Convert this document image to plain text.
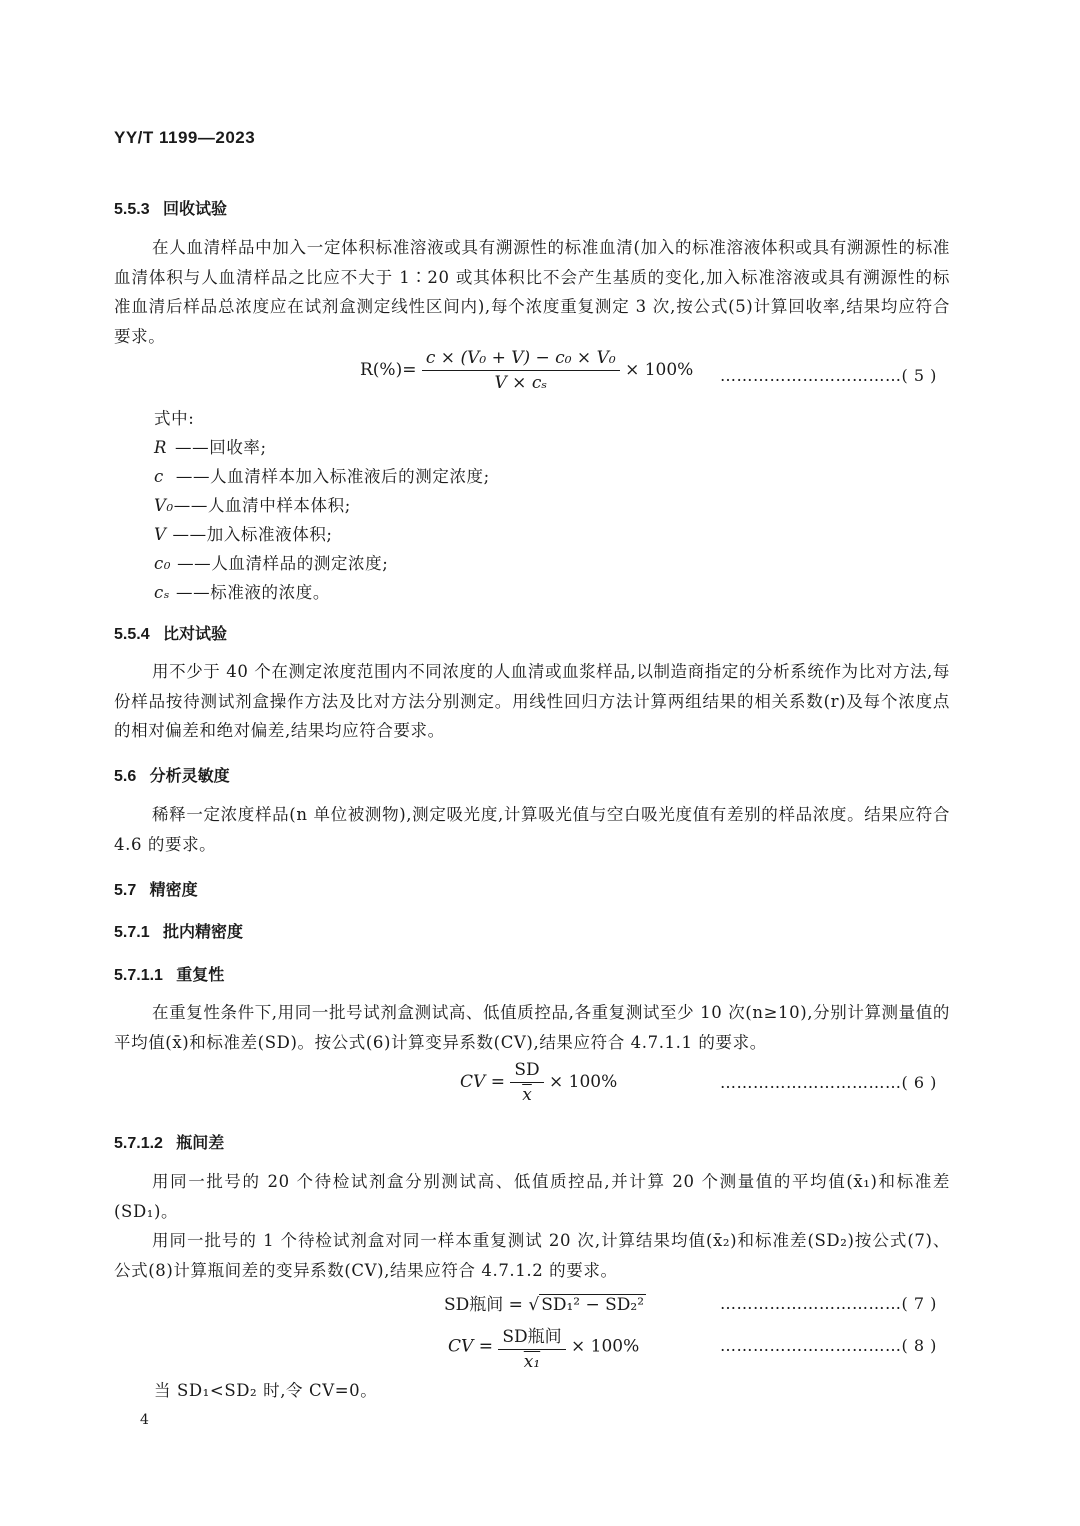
YY/T 1199—2023
5.5.3 回收试验
在人血清样品中加入一定体积标准溶液或具有溯源性的标准血清(加入的标准溶液体积或具有溯源性的标准血清体积与人血清样品之比应不大于 1∶20 或其体积比不会产生基质的变化,加入标准溶液或具有溯源性的标准血清后样品总浓度应在试剂盒测定线性区间内),每个浓度重复测定 3 次,按公式(5)计算回收率,结果均应符合要求。
$R(\%)= \frac{\text{c × (V₀ + V) − c₀ × V₀}}{\text{V × cₛ}} \times 100\%$ ……………………………( 5 )
式中:
R ——回收率;
c ——人血清样本加入标准液后的测定浓度;
V₀——人血清中样本体积;
V ——加入标准液体积;
c₀ ——人血清样品的测定浓度;
cₛ ——标准液的浓度。
5.5.4 比对试验
用不少于 40 个在测定浓度范围内不同浓度的人血清或血浆样品,以制造商指定的分析系统作为比对方法,每份样品按待测试剂盒操作方法及比对方法分别测定。用线性回归方法计算两组结果的相关系数(r)及每个浓度点的相对偏差和绝对偏差,结果均应符合要求。
5.6 分析灵敏度
稀释一定浓度样品(n 单位被测物),测定吸光度,计算吸光值与空白吸光度值有差别的样品浓度。结果应符合 4.6 的要求。
5.7 精密度
5.7.1 批内精密度
5.7.1.1 重复性
在重复性条件下,用同一批号试剂盒测试高、低值质控品,各重复测试至少 10 次(n≥10),分别计算测量值的平均值(x̄)和标准差(SD)。按公式(6)计算变异系数(CV),结果应符合 4.7.1.1 的要求。
CV = $\frac{SD}{x} \times 100\%$	……………………………( 6 )
5.7.1.2 瓶间差
用同一批号的 20 个待检试剂盒分别测试高、低值质控品,并计算 20 个测量值的平均值(x̄₁)和标准差(SD₁)。
用同一批号的 1 个待检试剂盒对同一样本重复测试 20 次,计算结果均值(x̄₂)和标准差(SD₂)按公式(7)、公式(8)计算瓶间差的变异系数(CV),结果应符合 4.7.1.2 的要求。
SD瓶间 = √ SD₁² − SD₂²	……………………………( 7 )
CV = $\frac{\text{SD瓶间}}{\text{x₁}} \times 100\%$	……………………………( 8 )
当 SD₁<SD₂ 时,令 CV=0。
4
